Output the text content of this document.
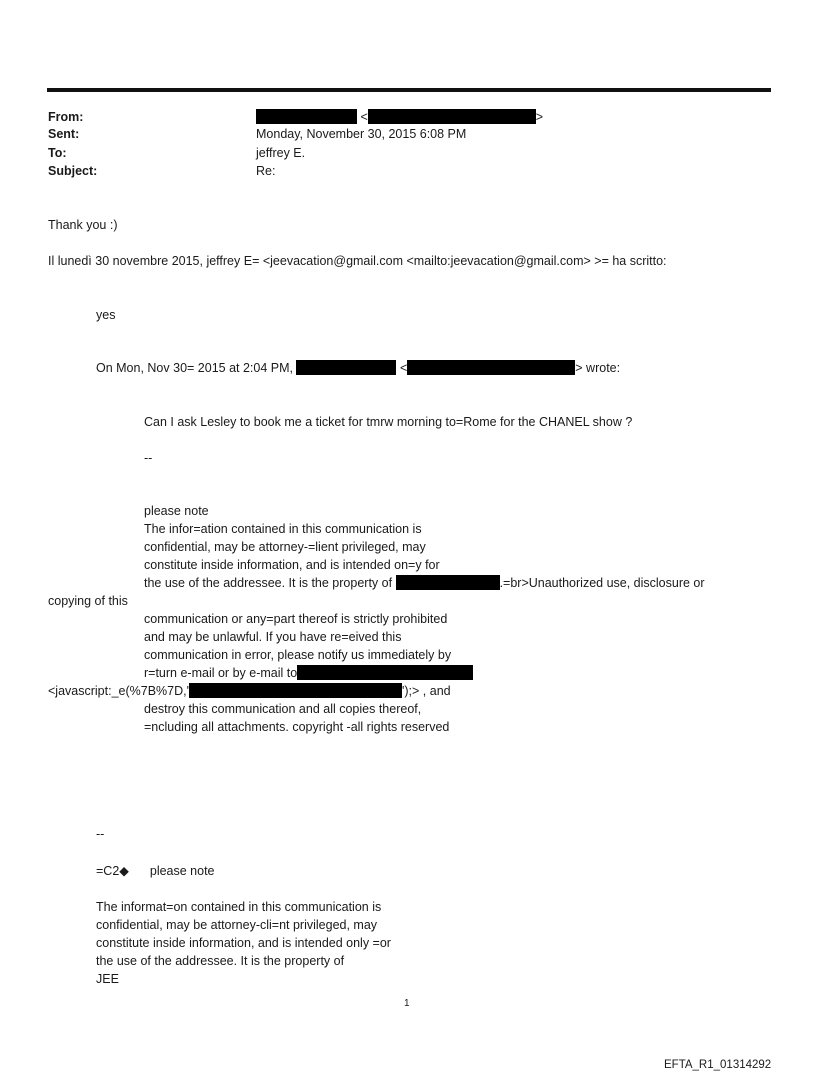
From:	<	>
Sent:	Monday, November 30, 2015 6:08 PM
To:	jeffrey E.
Subject:	Re:
Thank you :)
Il lunedì 30 novembre 2015, jeffrey E= <jeevacation@gmail.com <mailto:jeevacation@gmail.com> >= ha scritto:
yes
On Mon, Nov 30= 2015 at 2:04 PM,	<	> wrote:
Can I ask Lesley to book me a ticket for tmrw morning to=Rome for the CHANEL show ?
--
please note
The infor=ation contained in this communication is
confidential, may be attorney-=lient privileged, may
constitute inside information, and is intended on=y for
the use of the addressee. It is the property of	.=br>Unauthorized use, disclosure or
copying of this
communication or any=part thereof is strictly prohibited
and may be unlawful. If you have re=eived this
communication in error, please notify us immediately by
r=turn e-mail or by e-mail to
<javascript:_e(%7B%7D,'	');> , and
destroy this communication and all copies thereof,
=ncluding all attachments. copyright -all rights reserved
--
=C2◆ please note
The informat=on contained in this communication is
confidential, may be attorney-cli=nt privileged, may
constitute inside information, and is intended only =or
the use of the addressee. It is the property of
JEE
1
EFTA_R1_01314292
